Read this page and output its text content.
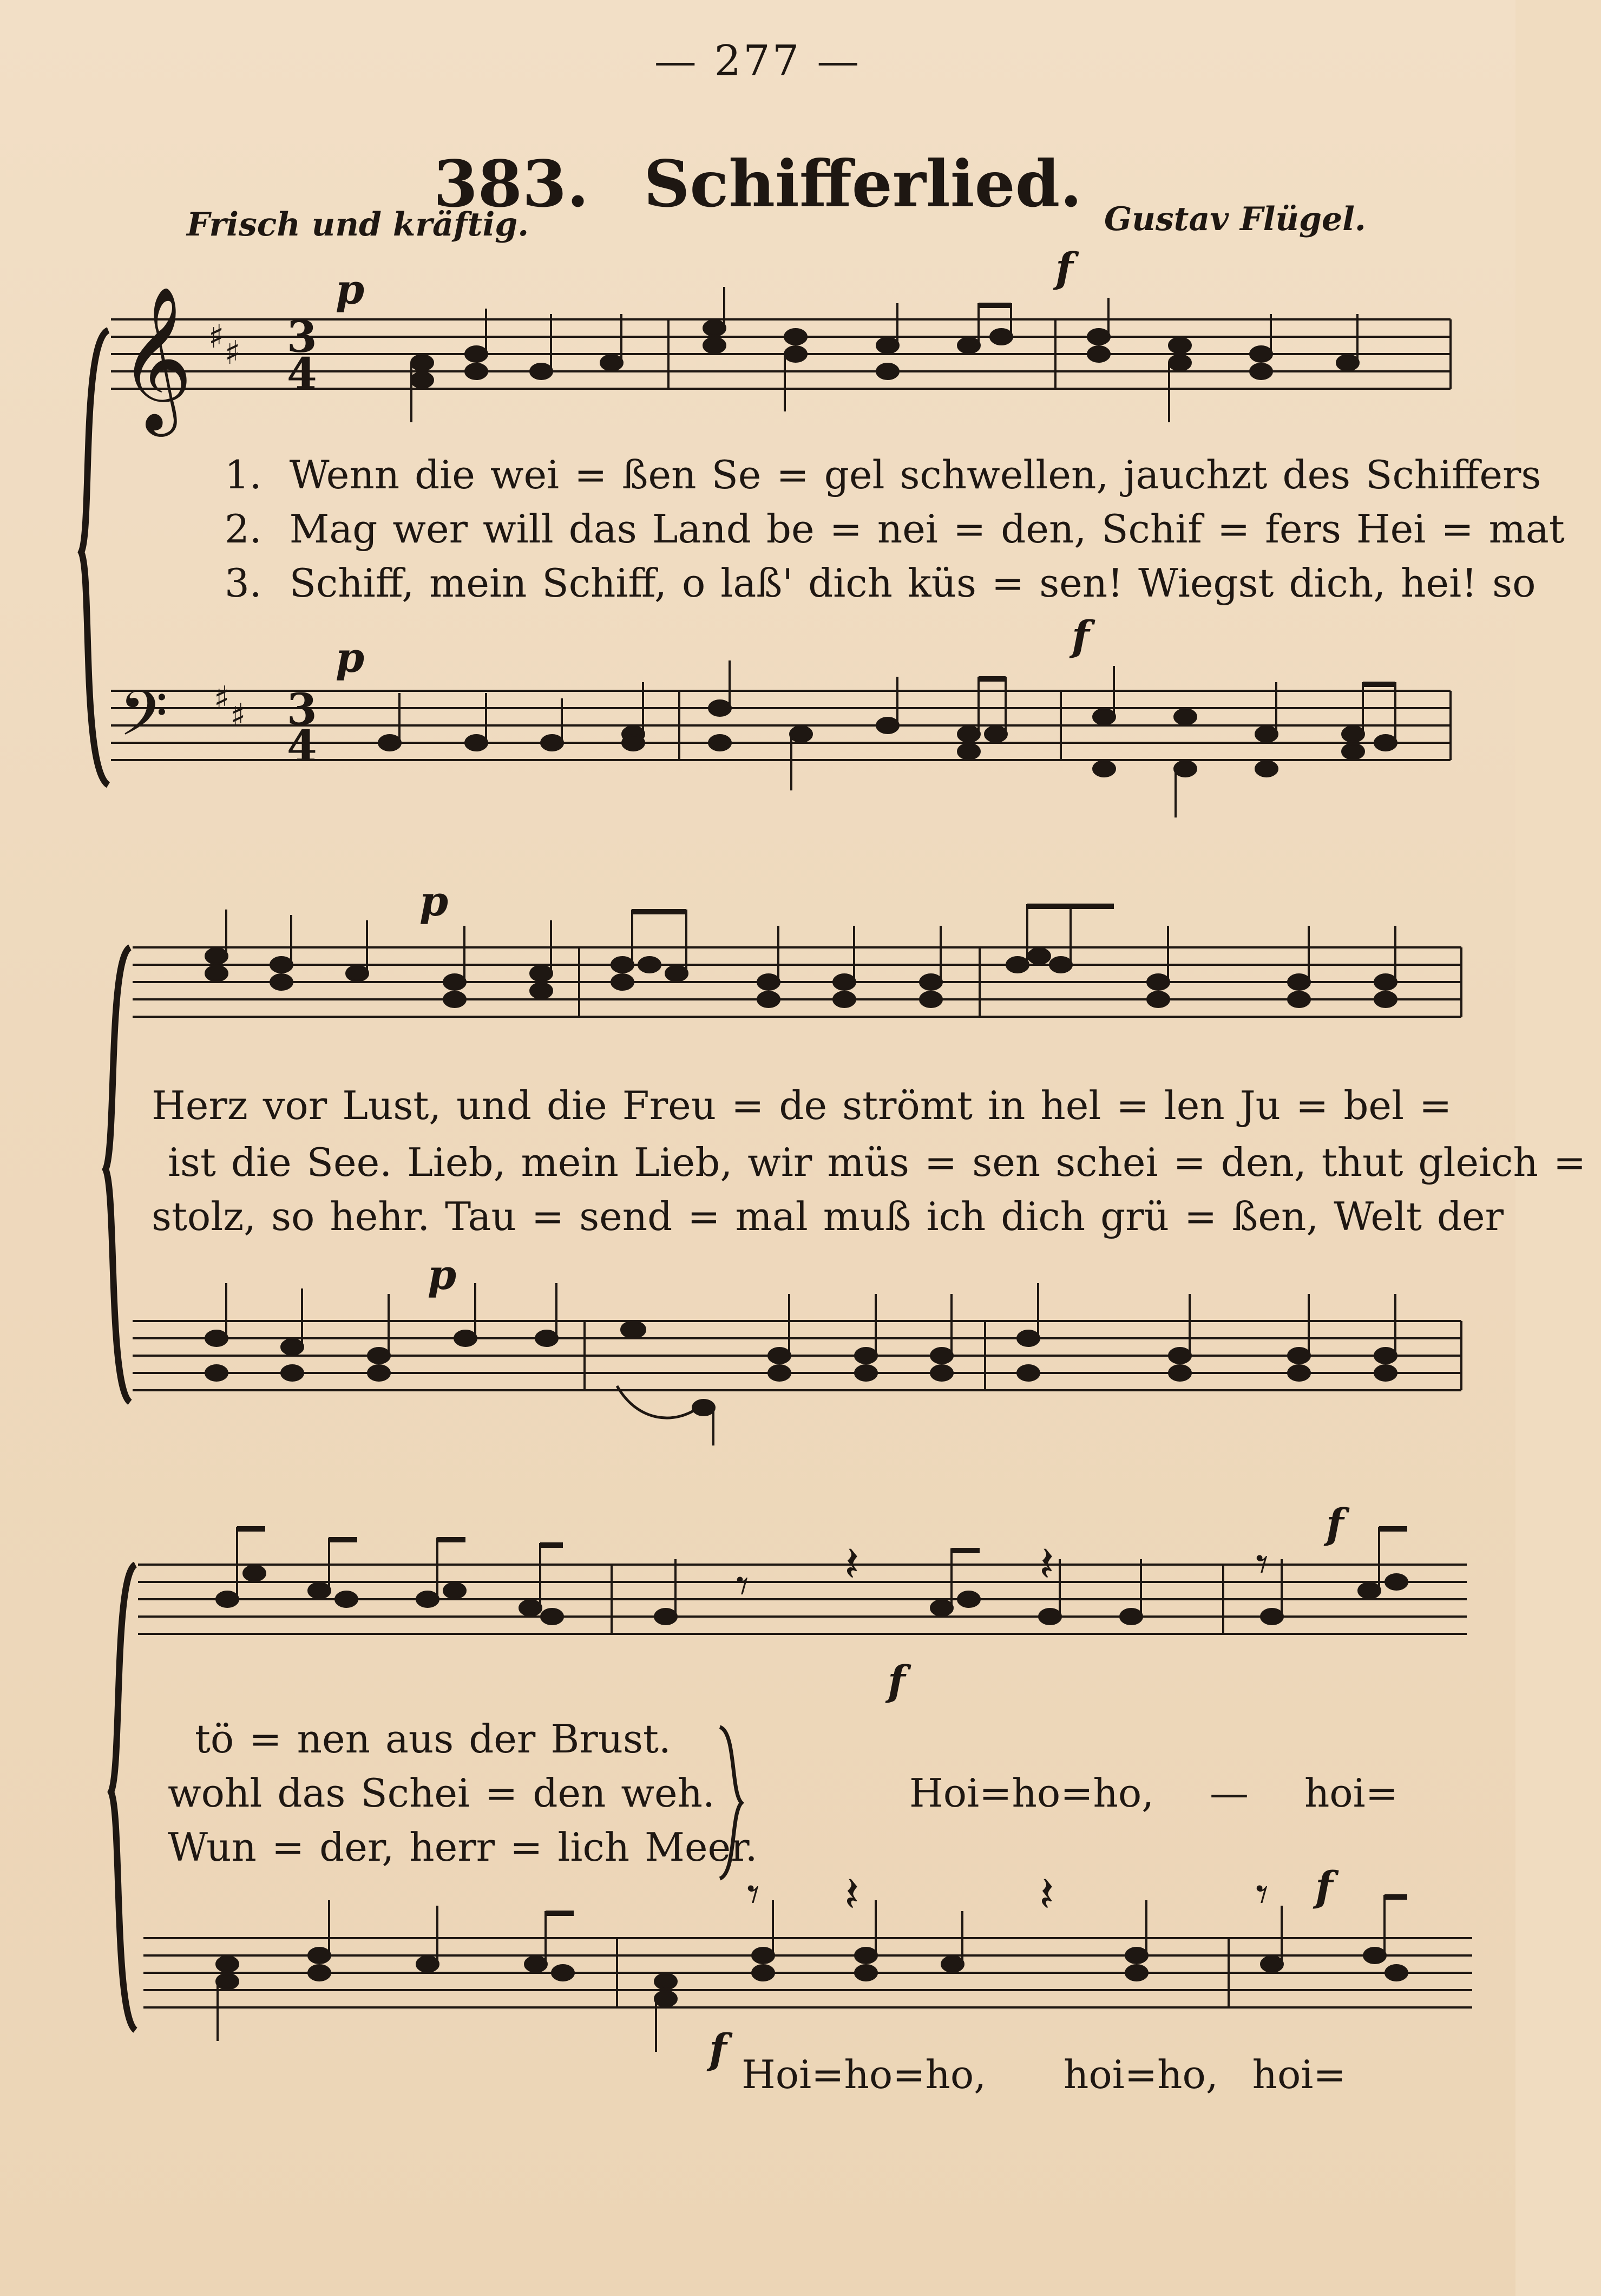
— 277 —
383. Schifferlied.
Frisch und kräftig.	Gustav Flügel.
𝄞 ♯ ♯ 3
4
p	f
1. Wenn die wei = ßen Se = gel schwellen, jauchzt des Schiffers
2. Mag wer will das Land be = nei = den, Schif = fers Hei = mat
3. Schiff, mein Schiff, o laß' dich küs = sen! Wiegst dich, hei! so
𝄢 ♯ ♯ 3
4
p	f
p
Herz vor Lust, und die Freu = de strömt in hel = len Ju = bel =
ist die See. Lieb, mein Lieb, wir müs = sen schei = den, thut gleich =
stolz, so hehr. Tau = send = mal muß ich dich grü = ßen, Welt der
p
𝄾 𝄽	𝄽	𝄾
f
f
tö = nen aus der Brust.
wohl das Schei = den weh.
Wun = der, herr = lich Meer.
Hoi=ho=ho, — hoi=
𝄾 𝄽	𝄽	𝄾
f
f
Hoi=ho=ho, hoi=ho, hoi=
